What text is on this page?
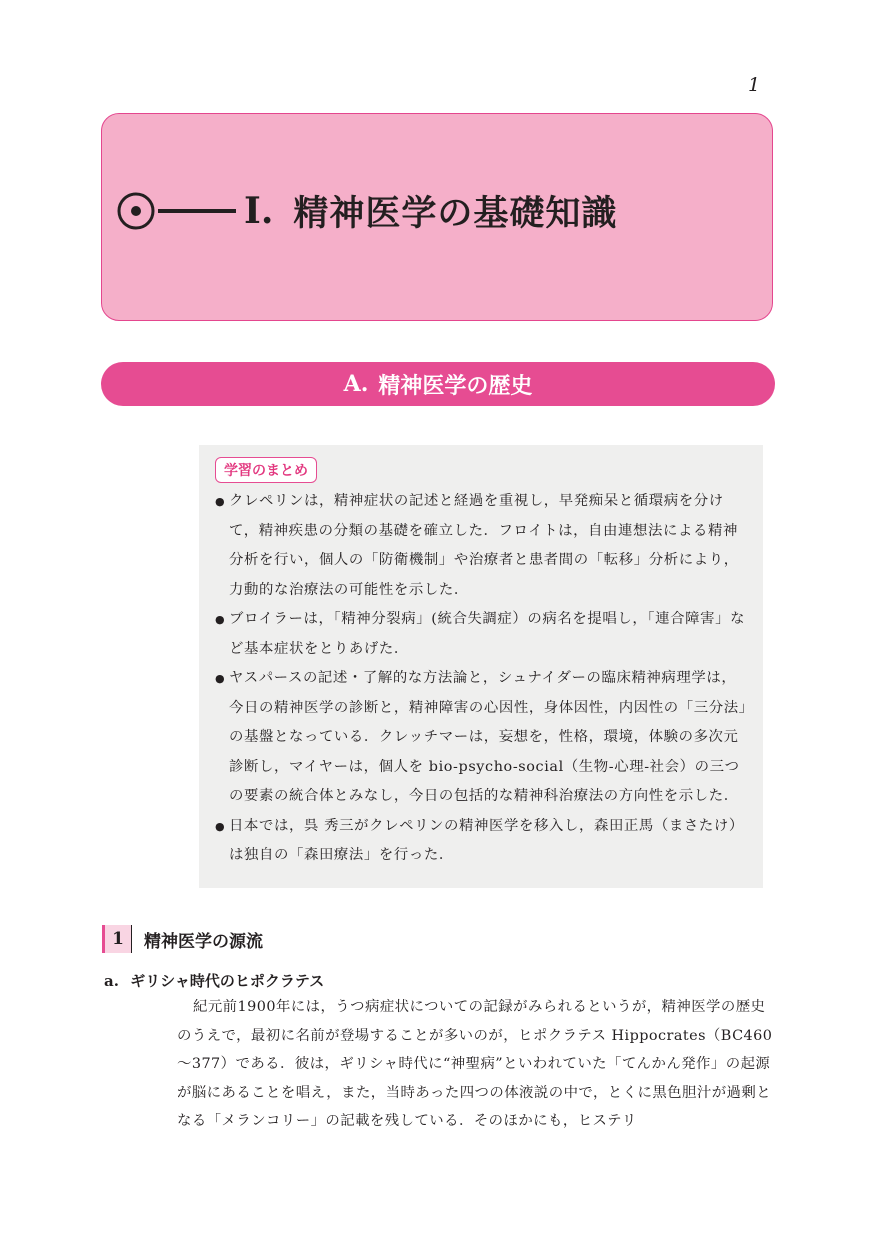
1
I. 精神医学の基礎知識
A. 精神医学の歴史
学習のまとめ
● クレペリンは，精神症状の記述と経過を重視し，早発痴呆と循環病を分けて，精神疾患の分類の基礎を確立した．フロイトは，自由連想法による精神分析を行い，個人の「防衛機制」や治療者と患者間の「転移」分析により，力動的な治療法の可能性を示した．
● ブロイラーは，「精神分裂病」(統合失調症）の病名を提唱し，「連合障害」など基本症状をとりあげた．
● ヤスパースの記述・了解的な方法論と，シュナイダーの臨床精神病理学は，今日の精神医学の診断と，精神障害の心因性，身体因性，内因性の「三分法」の基盤となっている．クレッチマーは，妄想を，性格，環境，体験の多次元診断し，マイヤーは，個人を bio-psycho-social（生物-心理-社会）の三つの要素の統合体とみなし，今日の包括的な精神科治療法の方向性を示した．
● 日本では，呉 秀三がクレペリンの精神医学を移入し，森田正馬（まさたけ）は独自の「森田療法」を行った．
1	精神医学の源流
a. ギリシャ時代のヒポクラテス

紀元前1900年には，うつ病症状についての記録がみられるというが，精神医学の歴史のうえで，最初に名前が登場することが多いのが，ヒポクラテス Hippocrates（BC460～377）である．彼は，ギリシャ時代に“神聖病”といわれていた「てんかん発作」の起源が脳にあることを唱え，また，当時あった四つの体液説の中で，とくに黒色胆汁が過剰となる「メランコリー」の記載を残している．そのほかにも，ヒステリ
